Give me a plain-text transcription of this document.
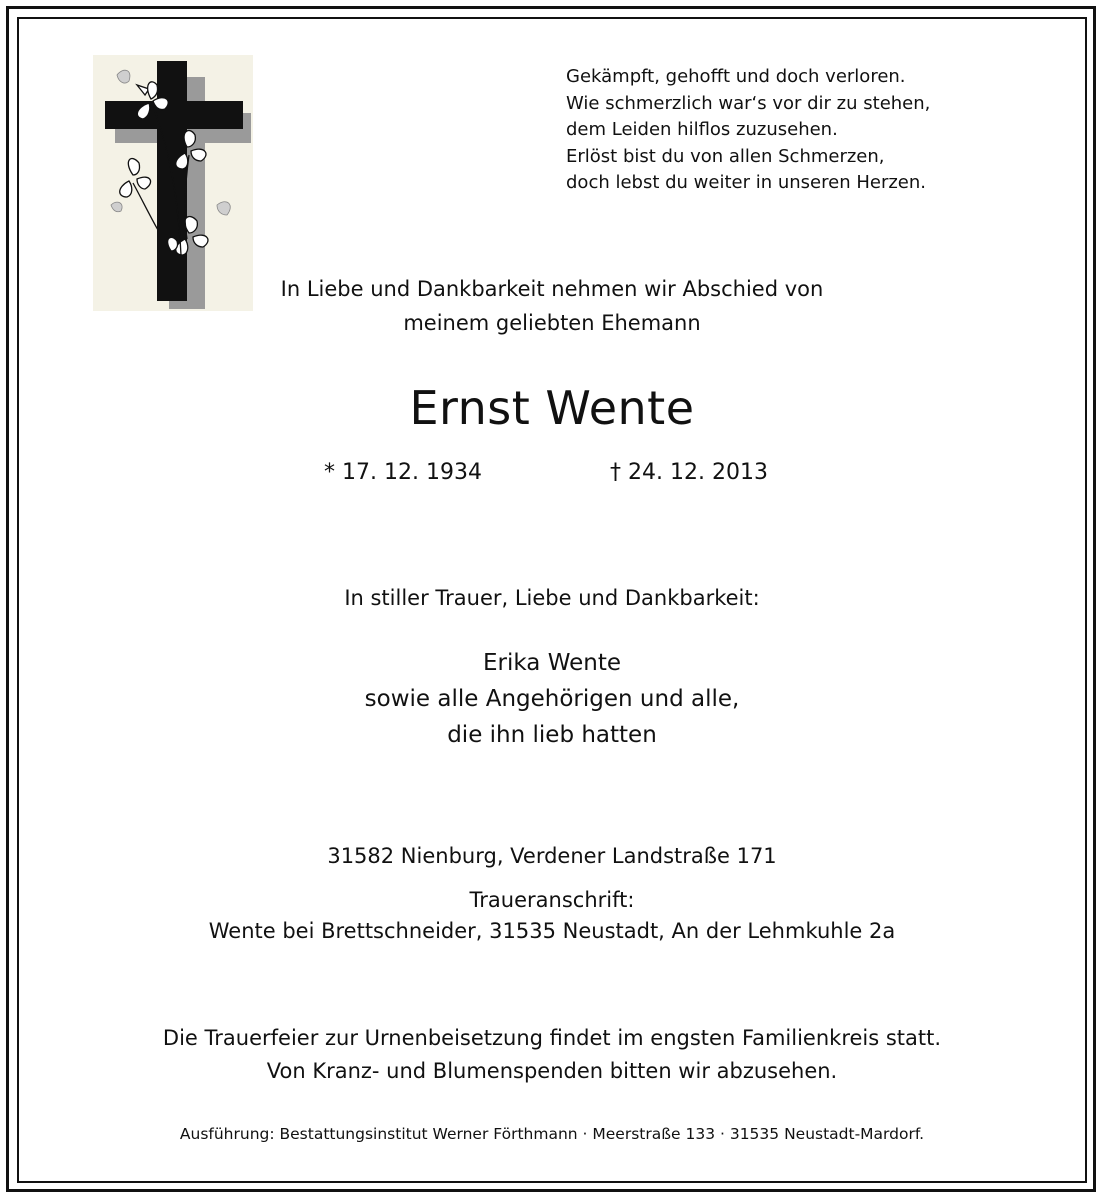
Gekämpft, gehofft und doch verloren.
Wie schmerzlich war‘s vor dir zu stehen,
dem Leiden hilflos zuzusehen.
Erlöst bist du von allen Schmerzen,
doch lebst du weiter in unseren Herzen.
In Liebe und Dankbarkeit nehmen wir Abschied von
meinem geliebten Ehemann
Ernst Wente
* 17. 12. 1934	† 24. 12. 2013
In stiller Trauer, Liebe und Dankbarkeit:
Erika Wente
sowie alle Angehörigen und alle,
die ihn lieb hatten
31582 Nienburg, Verdener Landstraße 171
Traueranschrift:
Wente bei Brettschneider, 31535 Neustadt, An der Lehmkuhle 2a
Die Trauerfeier zur Urnenbeisetzung findet im engsten Familienkreis statt.
Von Kranz- und Blumenspenden bitten wir abzusehen.
Ausführung: Bestattungsinstitut Werner Förthmann · Meerstraße 133 · 31535 Neustadt-Mardorf.
